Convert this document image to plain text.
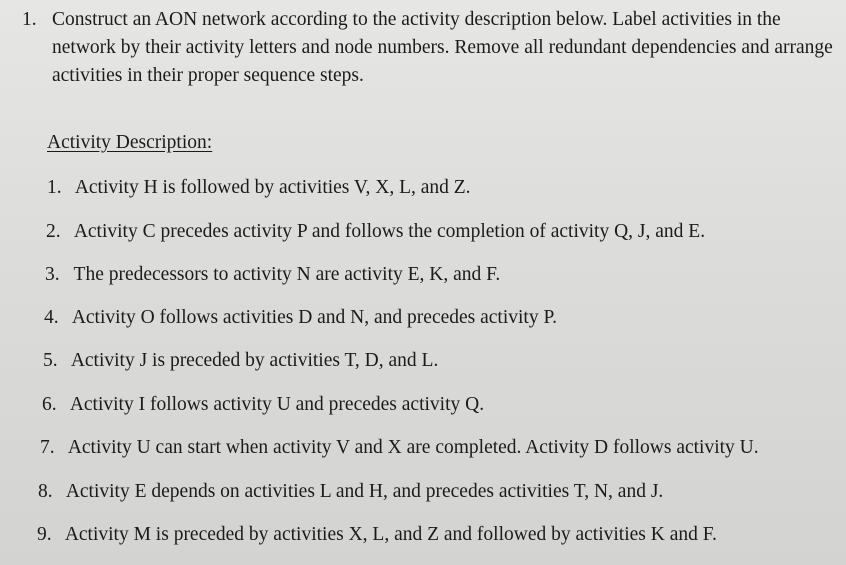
1. Construct an AON network according to the activity description below. Label activities in the network by their activity letters and node numbers. Remove all redundant dependencies and arrange activities in their proper sequence steps.
Activity Description:
1. Activity H is followed by activities V, X, L, and Z.
2. Activity C precedes activity P and follows the completion of activity Q, J, and E.
3. The predecessors to activity N are activity E, K, and F.
4. Activity O follows activities D and N, and precedes activity P.
5. Activity J is preceded by activities T, D, and L.
6. Activity I follows activity U and precedes activity Q.
7. Activity U can start when activity V and X are completed. Activity D follows activity U.
8. Activity E depends on activities L and H, and precedes activities T, N, and J.
9. Activity M is preceded by activities X, L, and Z and followed by activities K and F.
